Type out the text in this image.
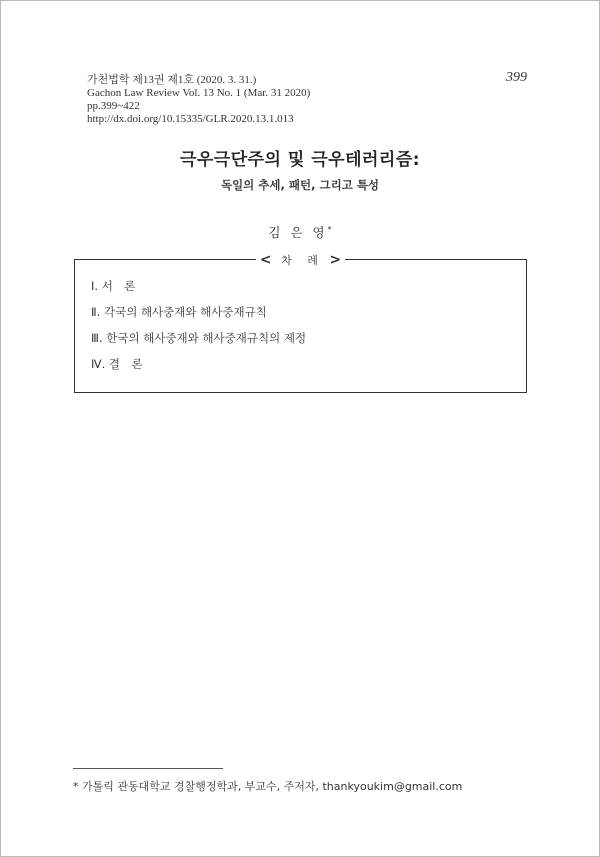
가천법학 제13권 제1호 (2020. 3. 31.)
Gachon Law Review Vol. 13 No. 1 (Mar. 31 2020)
pp.399~422
http://dx.doi.org/10.15335/GLR.2020.13.1.013
399
극우극단주의 및 극우테러리즘:
독일의 추세, 패턴, 그리고 특성
김 은 영*
< 차 례 >
Ⅰ. 서　론
Ⅱ. 각국의 해사중재와 해사중재규칙
Ⅲ. 한국의 해사중재와 해사중재규칙의 제정
Ⅳ. 결　론
* 가톨릭 관동대학교 경찰행정학과, 부교수, 주저자, thankyoukim@gmail.com
